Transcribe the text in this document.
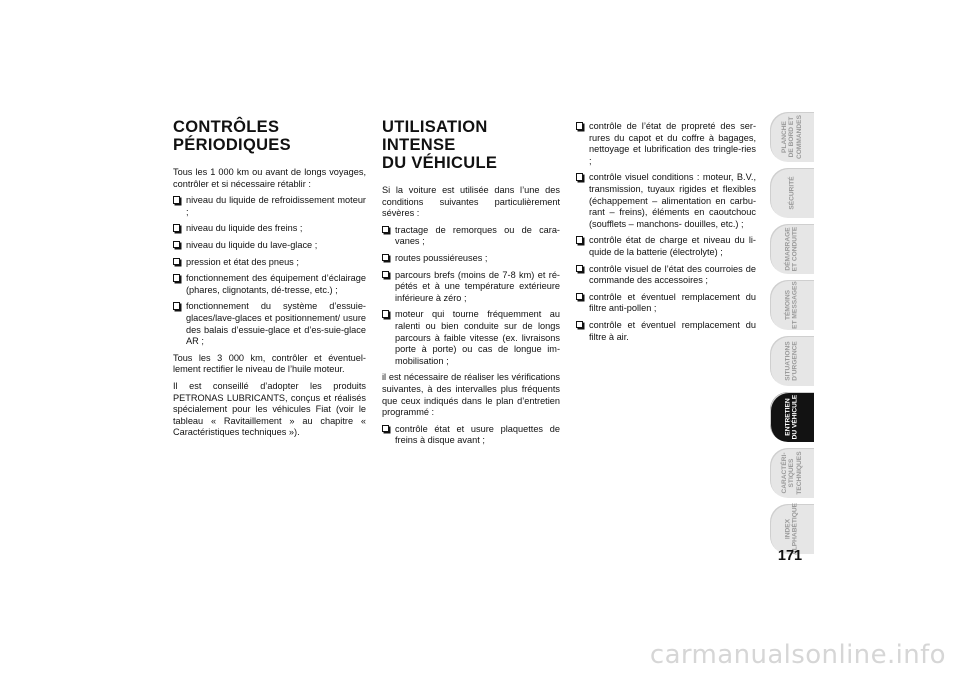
CONTRÔLES
PÉRIODIQUES

Tous les 1 000 km ou avant de longs voyages, contrôler et si nécessaire rétablir :

niveau du liquide de refroidissement moteur ;
niveau du liquide des freins ;
niveau du liquide du lave-glace ;
pression et état des pneus ;
fonctionnement des équipement d’éclairage (phares, clignotants, dé-tresse, etc.) ;
fonctionnement du système d’essuie-glaces/lave-glaces et positionnement/ usure des balais d’essuie-glace et d’es-suie-glace AR ;

Tous les 3 000 km, contrôler et éventuel-lement rectifier le niveau de l’huile moteur.

Il est conseillé d’adopter les produits PETRONAS LUBRICANTS, conçus et réalisés spécialement pour les véhicules Fiat (voir le tableau « Ravitaillement » au chapitre « Caractéristiques techniques »).

UTILISATION INTENSE
DU VÉHICULE

Si la voiture est utilisée dans l’une des conditions suivantes particulièrement sévères :

tractage de remorques ou de cara-vanes ;
routes poussiéreuses ;
parcours brefs (moins de 7-8 km) et ré-pétés et à une température extérieure inférieure à zéro ;
moteur qui tourne fréquemment au ralenti ou bien conduite sur de longs parcours à faible vitesse (ex. livraisons porte à porte) ou cas de longue im-mobilisation ;

il est nécessaire de réaliser les vérifications suivantes, à des intervalles plus fréquents que ceux indiqués dans le plan d’entretien programmé :

contrôle état et usure plaquettes de freins à disque avant ;
contrôle de l’état de propreté des ser-rures du capot et du coffre à bagages, nettoyage et lubrification des tringle-ries ;
contrôle visuel conditions : moteur, B.V., transmission, tuyaux rigides et flexibles (échappement – alimentation en carbu-rant – freins), éléments en caoutchouc (soufflets – manchons- douilles, etc.) ;
contrôle état de charge et niveau du li-quide de la batterie (électrolyte) ;
contrôle visuel de l’état des courroies de commande des accessoires ;
contrôle et éventuel remplacement du filtre anti-pollen ;
contrôle et éventuel remplacement du filtre à air.
PLANCHE
DE BORD ET
COMMANDES
SÉCURITÉ
DÉMARRAGE
ET CONDUITE
TÉMOINS
ET MESSAGES
SITUATIONS
D’URGENCE
ENTRETIEN
DU VÉHICULE
CARACTÉRI-
STIQUES
TECHNIQUES
INDEX
ALPHABÉTIQUE
171
carmanualsonline.info
